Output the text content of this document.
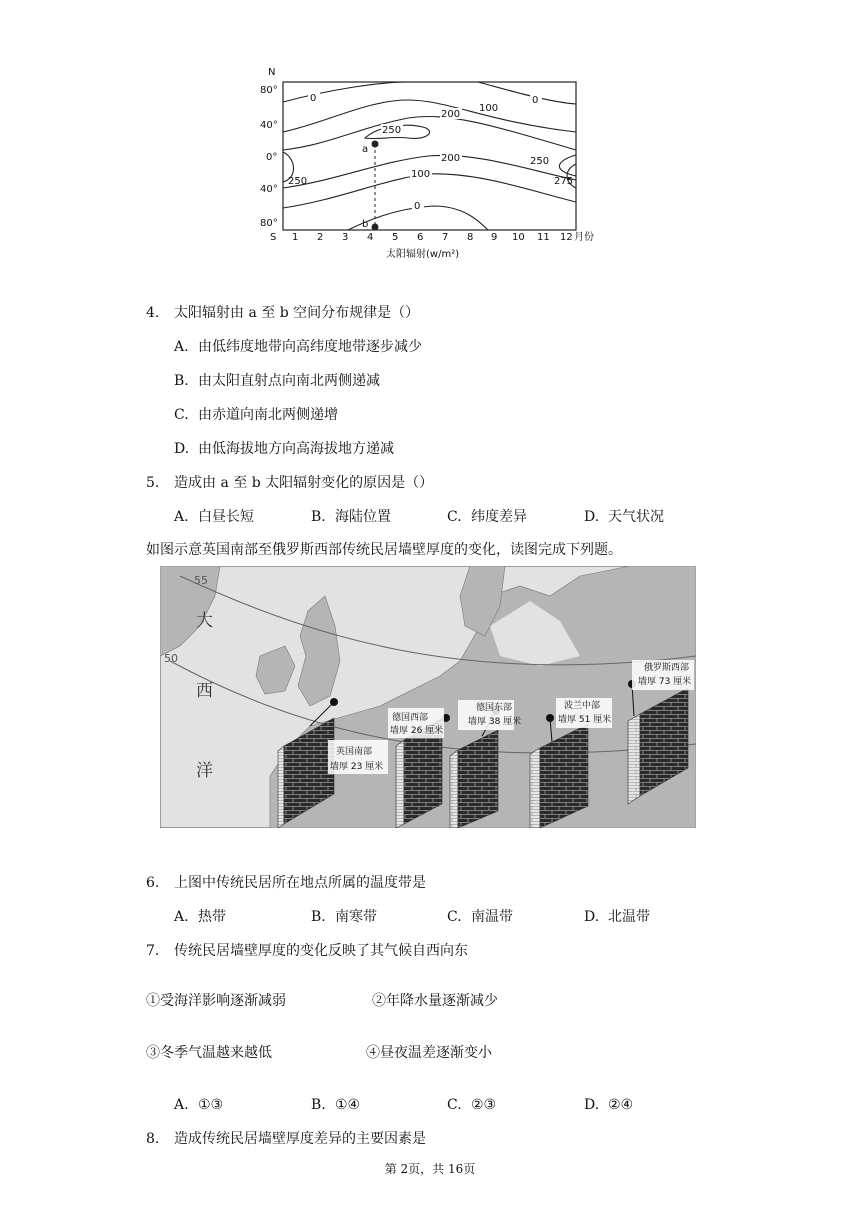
0
200
100
0
250
250
200	250
100
275
0
a
b
N
80°
40°
0°
40°
80°
S 1 2 3 4 5 6 7 8 9 10 11 12 月份
太阳辐射(w/m²)
4. 太阳辐射由 a 至 b 空间分布规律是（）
A. 由低纬度地带向高纬度地带逐步减少
B. 由太阳直射点向南北两侧递减
C. 由赤道向南北两侧递增
D. 由低海拔地方向高海拔地方递减
5. 造成由 a 至 b 太阳辐射变化的原因是（）
A. 白昼长短	B. 海陆位置	C. 纬度差异	D. 天气状况
如图示意英国南部至俄罗斯西部传统民居墙壁厚度的变化，读图完成下列题。
55
50
大
西
洋
英国南部
墙厚 23 厘米
德国西部
墙厚 26 厘米
德国东部
墙厚 38 厘米
波兰中部
墙厚 51 厘米
俄罗斯西部
墙厚 73 厘米
6. 上图中传统民居所在地点所属的温度带是
A. 热带	B. 南寒带	C. 南温带	D. 北温带
7. 传统民居墙壁厚度的变化反映了其气候自西向东
①受海洋影响逐渐减弱	②年降水量逐渐减少
③冬季气温越来越低	④昼夜温差逐渐变小
A. ①③	B. ①④	C. ②③	D. ②④
8. 造成传统民居墙壁厚度差异的主要因素是
第 2页，共 16页
